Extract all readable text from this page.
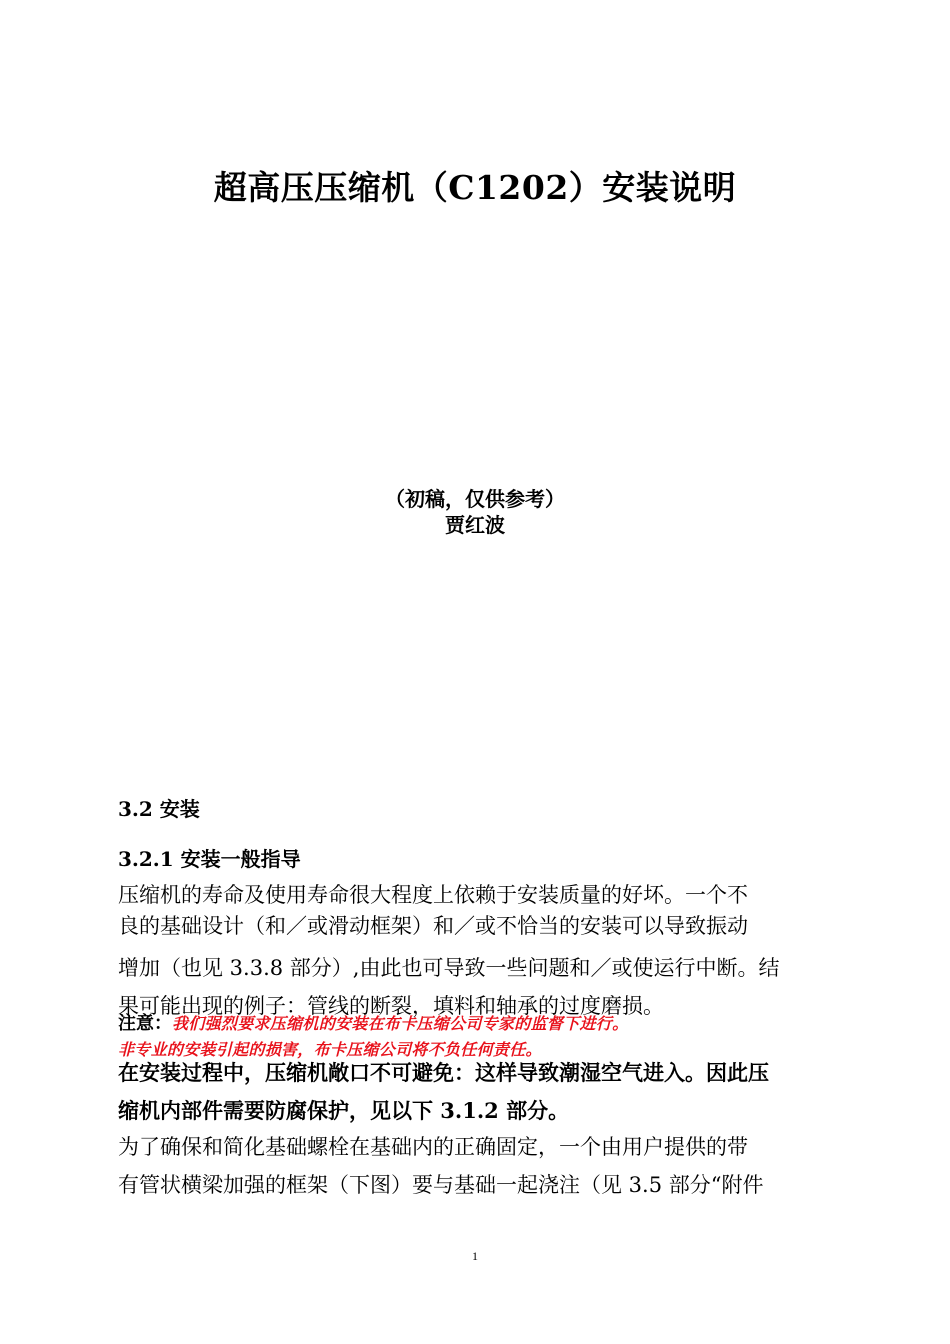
超高压压缩机（C1202）安装说明
（初稿，仅供参考）
贾红波
3.2 安装
3.2.1 安装一般指导
压缩机的寿命及使用寿命很大程度上依赖于安装质量的好坏。一个不
良的基础设计（和／或滑动框架）和／或不恰当的安装可以导致振动
增加（也见 3.3.8 部分）,由此也可导致一些问题和／或使运行中断。结
果可能出现的例子：管线的断裂，填料和轴承的过度磨损。
注意：我们强烈要求压缩机的安装在布卡压缩公司专家的监督下进行。
非专业的安装引起的损害，布卡压缩公司将不负任何责任。
在安装过程中，压缩机敞口不可避免：这样导致潮湿空气进入。因此压
缩机内部件需要防腐保护，见以下 3.1.2 部分。
为了确保和简化基础螺栓在基础内的正确固定，一个由用户提供的带
有管状横梁加强的框架（下图）要与基础一起浇注（见 3.5 部分“附件
1
